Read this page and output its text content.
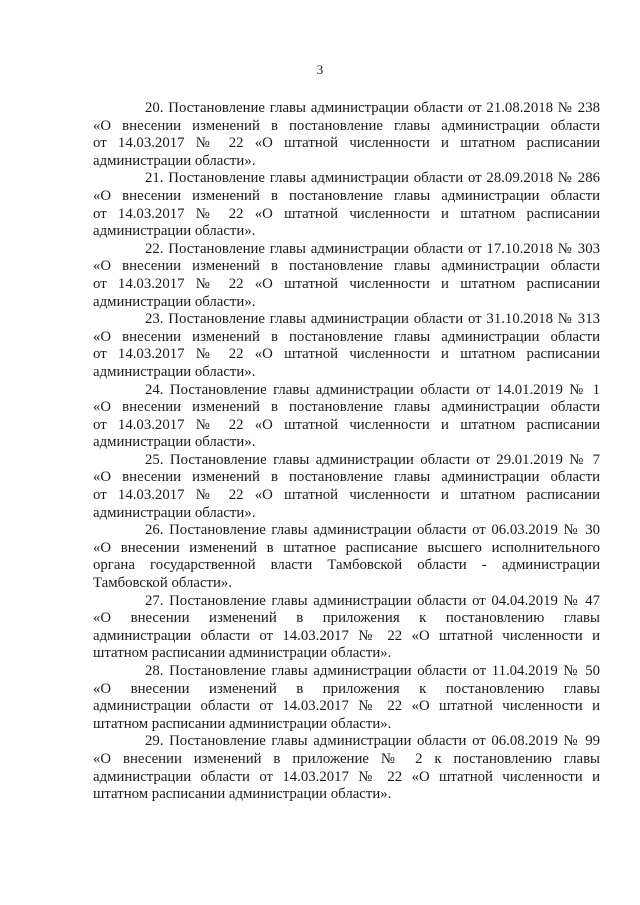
3

20. Постановление главы администрации области от 21.08.2018 № 238
«О внесении изменений в постановление главы администрации области
от 14.03.2017 № 22 «О штатной численности и штатном расписании
администрации области».

21. Постановление главы администрации области от 28.09.2018 № 286
«О внесении изменений в постановление главы администрации области
от 14.03.2017 № 22 «О штатной численности и штатном расписании
администрации области».

22. Постановление главы администрации области от 17.10.2018 № 303
«О внесении изменений в постановление главы администрации области
от 14.03.2017 № 22 «О штатной численности и штатном расписании
администрации области».

23. Постановление главы администрации области от 31.10.2018 № 313
«О внесении изменений в постановление главы администрации области
от 14.03.2017 № 22 «О штатной численности и штатном расписании
администрации области».

24. Постановление главы администрации области от 14.01.2019 № 1
«О внесении изменений в постановление главы администрации области
от 14.03.2017 № 22 «О штатной численности и штатном расписании
администрации области».

25. Постановление главы администрации области от 29.01.2019 № 7
«О внесении изменений в постановление главы администрации области
от 14.03.2017 № 22 «О штатной численности и штатном расписании
администрации области».

26. Постановление главы администрации области от 06.03.2019 № 30
«О внесении изменений в штатное расписание высшего исполнительного
органа государственной власти Тамбовской области - администрации
Тамбовской области».

27. Постановление главы администрации области от 04.04.2019 № 47
«О внесении изменений в приложения к постановлению главы
администрации области от 14.03.2017 № 22 «О штатной численности и
штатном расписании администрации области».

28. Постановление главы администрации области от 11.04.2019 № 50
«О внесении изменений в приложения к постановлению главы
администрации области от 14.03.2017 № 22 «О штатной численности и
штатном расписании администрации области».

29. Постановление главы администрации области от 06.08.2019 № 99
«О внесении изменений в приложение № 2 к постановлению главы
администрации области от 14.03.2017 № 22 «О штатной численности и
штатном расписании администрации области».
